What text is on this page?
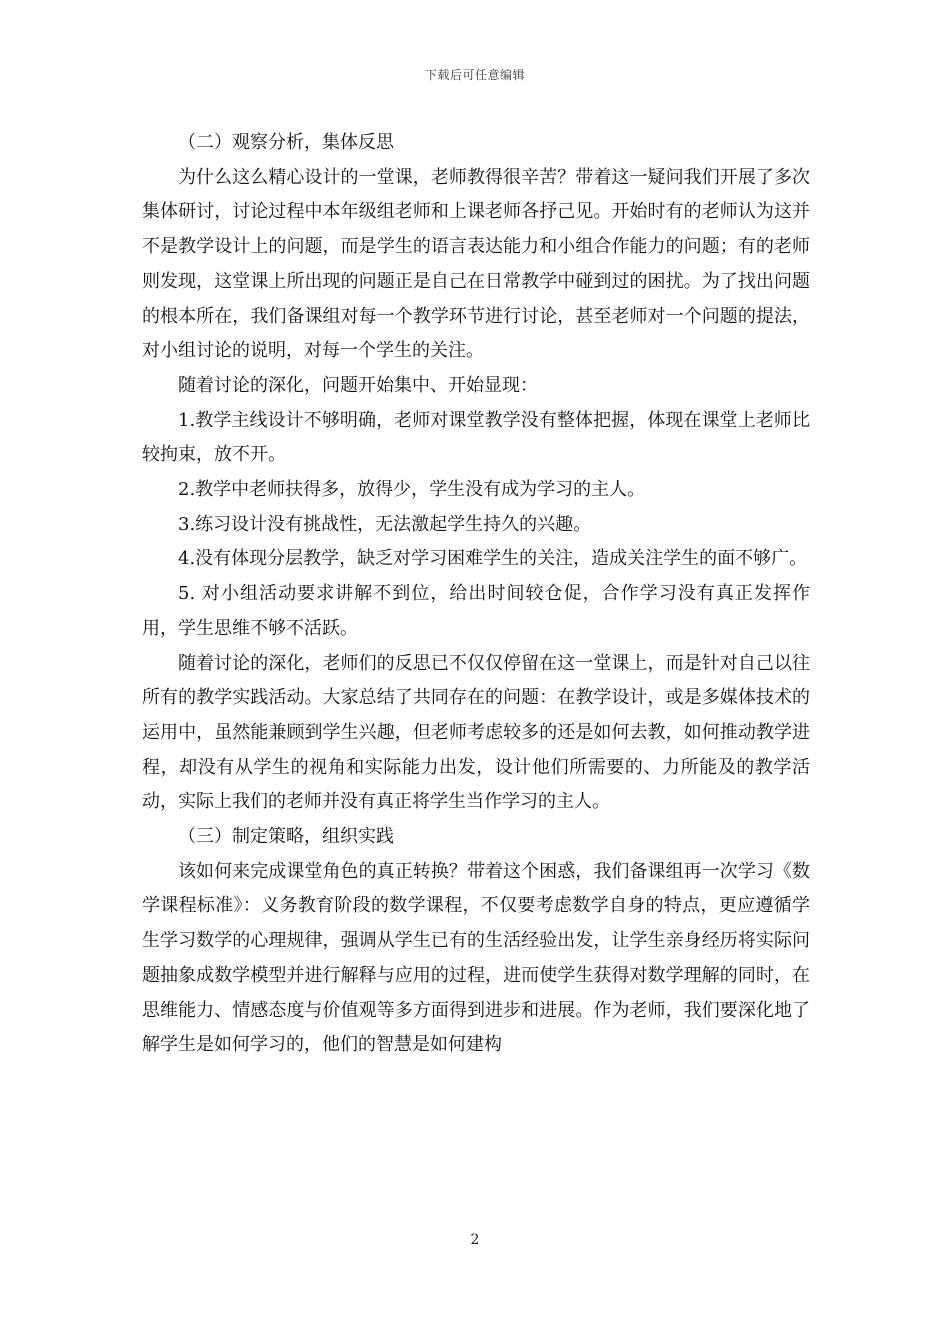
下载后可任意编辑

（二）观察分析，集体反思

为什么这么精心设计的一堂课，老师教得很辛苦？带着这一疑问我们开展了多次集体研讨，讨论过程中本年级组老师和上课老师各抒己见。开始时有的老师认为这并不是教学设计上的问题，而是学生的语言表达能力和小组合作能力的问题；有的老师则发现，这堂课上所出现的问题正是自己在日常教学中碰到过的困扰。为了找出问题的根本所在，我们备课组对每一个教学环节进行讨论，甚至老师对一个问题的提法，对小组讨论的说明，对每一个学生的关注。

随着讨论的深化，问题开始集中、开始显现：

1.教学主线设计不够明确，老师对课堂教学没有整体把握，体现在课堂上老师比较拘束，放不开。

2.教学中老师扶得多，放得少，学生没有成为学习的主人。

3.练习设计没有挑战性，无法激起学生持久的兴趣。

4.没有体现分层教学，缺乏对学习困难学生的关注，造成关注学生的面不够广。

5. 对小组活动要求讲解不到位，给出时间较仓促，合作学习没有真正发挥作用，学生思维不够不活跃。

随着讨论的深化，老师们的反思已不仅仅停留在这一堂课上，而是针对自己以往所有的教学实践活动。大家总结了共同存在的问题：在教学设计，或是多媒体技术的运用中，虽然能兼顾到学生兴趣，但老师考虑较多的还是如何去教，如何推动教学进程，却没有从学生的视角和实际能力出发，设计他们所需要的、力所能及的教学活动，实际上我们的老师并没有真正将学生当作学习的主人。

（三）制定策略，组织实践

该如何来完成课堂角色的真正转换？带着这个困惑，我们备课组再一次学习《数学课程标准》：义务教育阶段的数学课程，不仅要考虑数学自身的特点，更应遵循学生学习数学的心理规律，强调从学生已有的生活经验出发，让学生亲身经历将实际问题抽象成数学模型并进行解释与应用的过程，进而使学生获得对数学理解的同时，在思维能力、情感态度与价值观等多方面得到进步和进展。作为老师，我们要深化地了解学生是如何学习的，他们的智慧是如何建构

2
